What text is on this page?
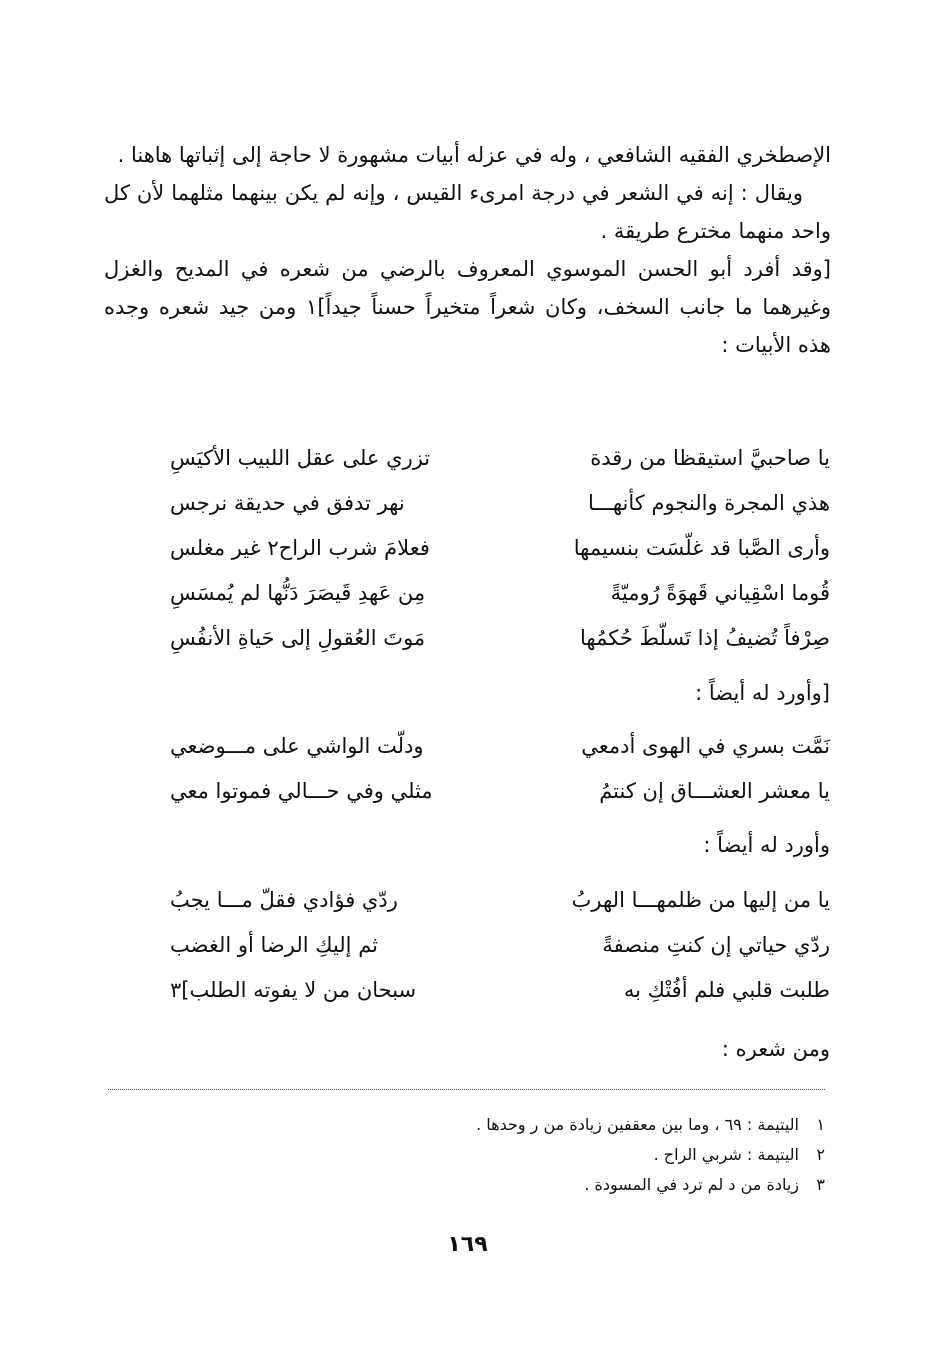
الإصطخري الفقيه الشافعي ، وله في عزله أبيات مشهورة لا حاجة إلى إثباتها هاهنا .

ويقال : إنه في الشعر في درجة امرىء القيس ، وإنه لم يكن بينهما مثلهما لأن كل واحد منهما مخترع طريقة .

[وقد أفرد أبو الحسن الموسوي المعروف بالرضي من شعره في المديح والغزل وغيرهما ما جانب السخف، وكان شعراً متخيراً حسناً جيداً]١ ومن جيد شعره وجده هذه الأبيات :

يا صاحبيَّ استيقظا من رقدة
تزري على عقل اللبيب الأكيَسِ
هذي المجرة والنجوم كأنهـــا
نهر تدفق في حديقة نرجس
وأرى الصَّبا قد غلّسَت بنسيمها
فعلامَ شرب الراح٢ غير مغلس
قُوما اسْقِياني قَهوَةً رُوميّةً
مِن عَهدِ قَيصَرَ دَنُّها لم يُمسَسِ
صِرْفاً تُضيفُ إذا تَسلّطَ حُكمُها
مَوتَ العُقولِ إلى حَياةِ الأنفُسِ
[وأورد له أيضاً :
نَمَّت بسري في الهوى أدمعي
ودلّت الواشي على مـــوضعي
يا معشر العشـــاق إن كنتمُ
مثلي وفي حـــالي فموتوا معي
وأورد له أيضاً :
يا من إليها من ظلمهـــا الهربُ
ردّي فؤادي فقلّ مـــا يجبُ
ردّي حياتي إن كنتِ منصفةً
ثم إليكِ الرضا أو الغضب
طلبت قلبي فلم أفُتْكِ به
سبحان من لا يفوته الطلب]٣
ومن شعره :
١اليتيمة : ٦٩ ، وما بين معقفين زيادة من ر وحدها .
٢اليتيمة : شربي الراح .
٣زيادة من د لم ترد في المسودة .
١٦٩
